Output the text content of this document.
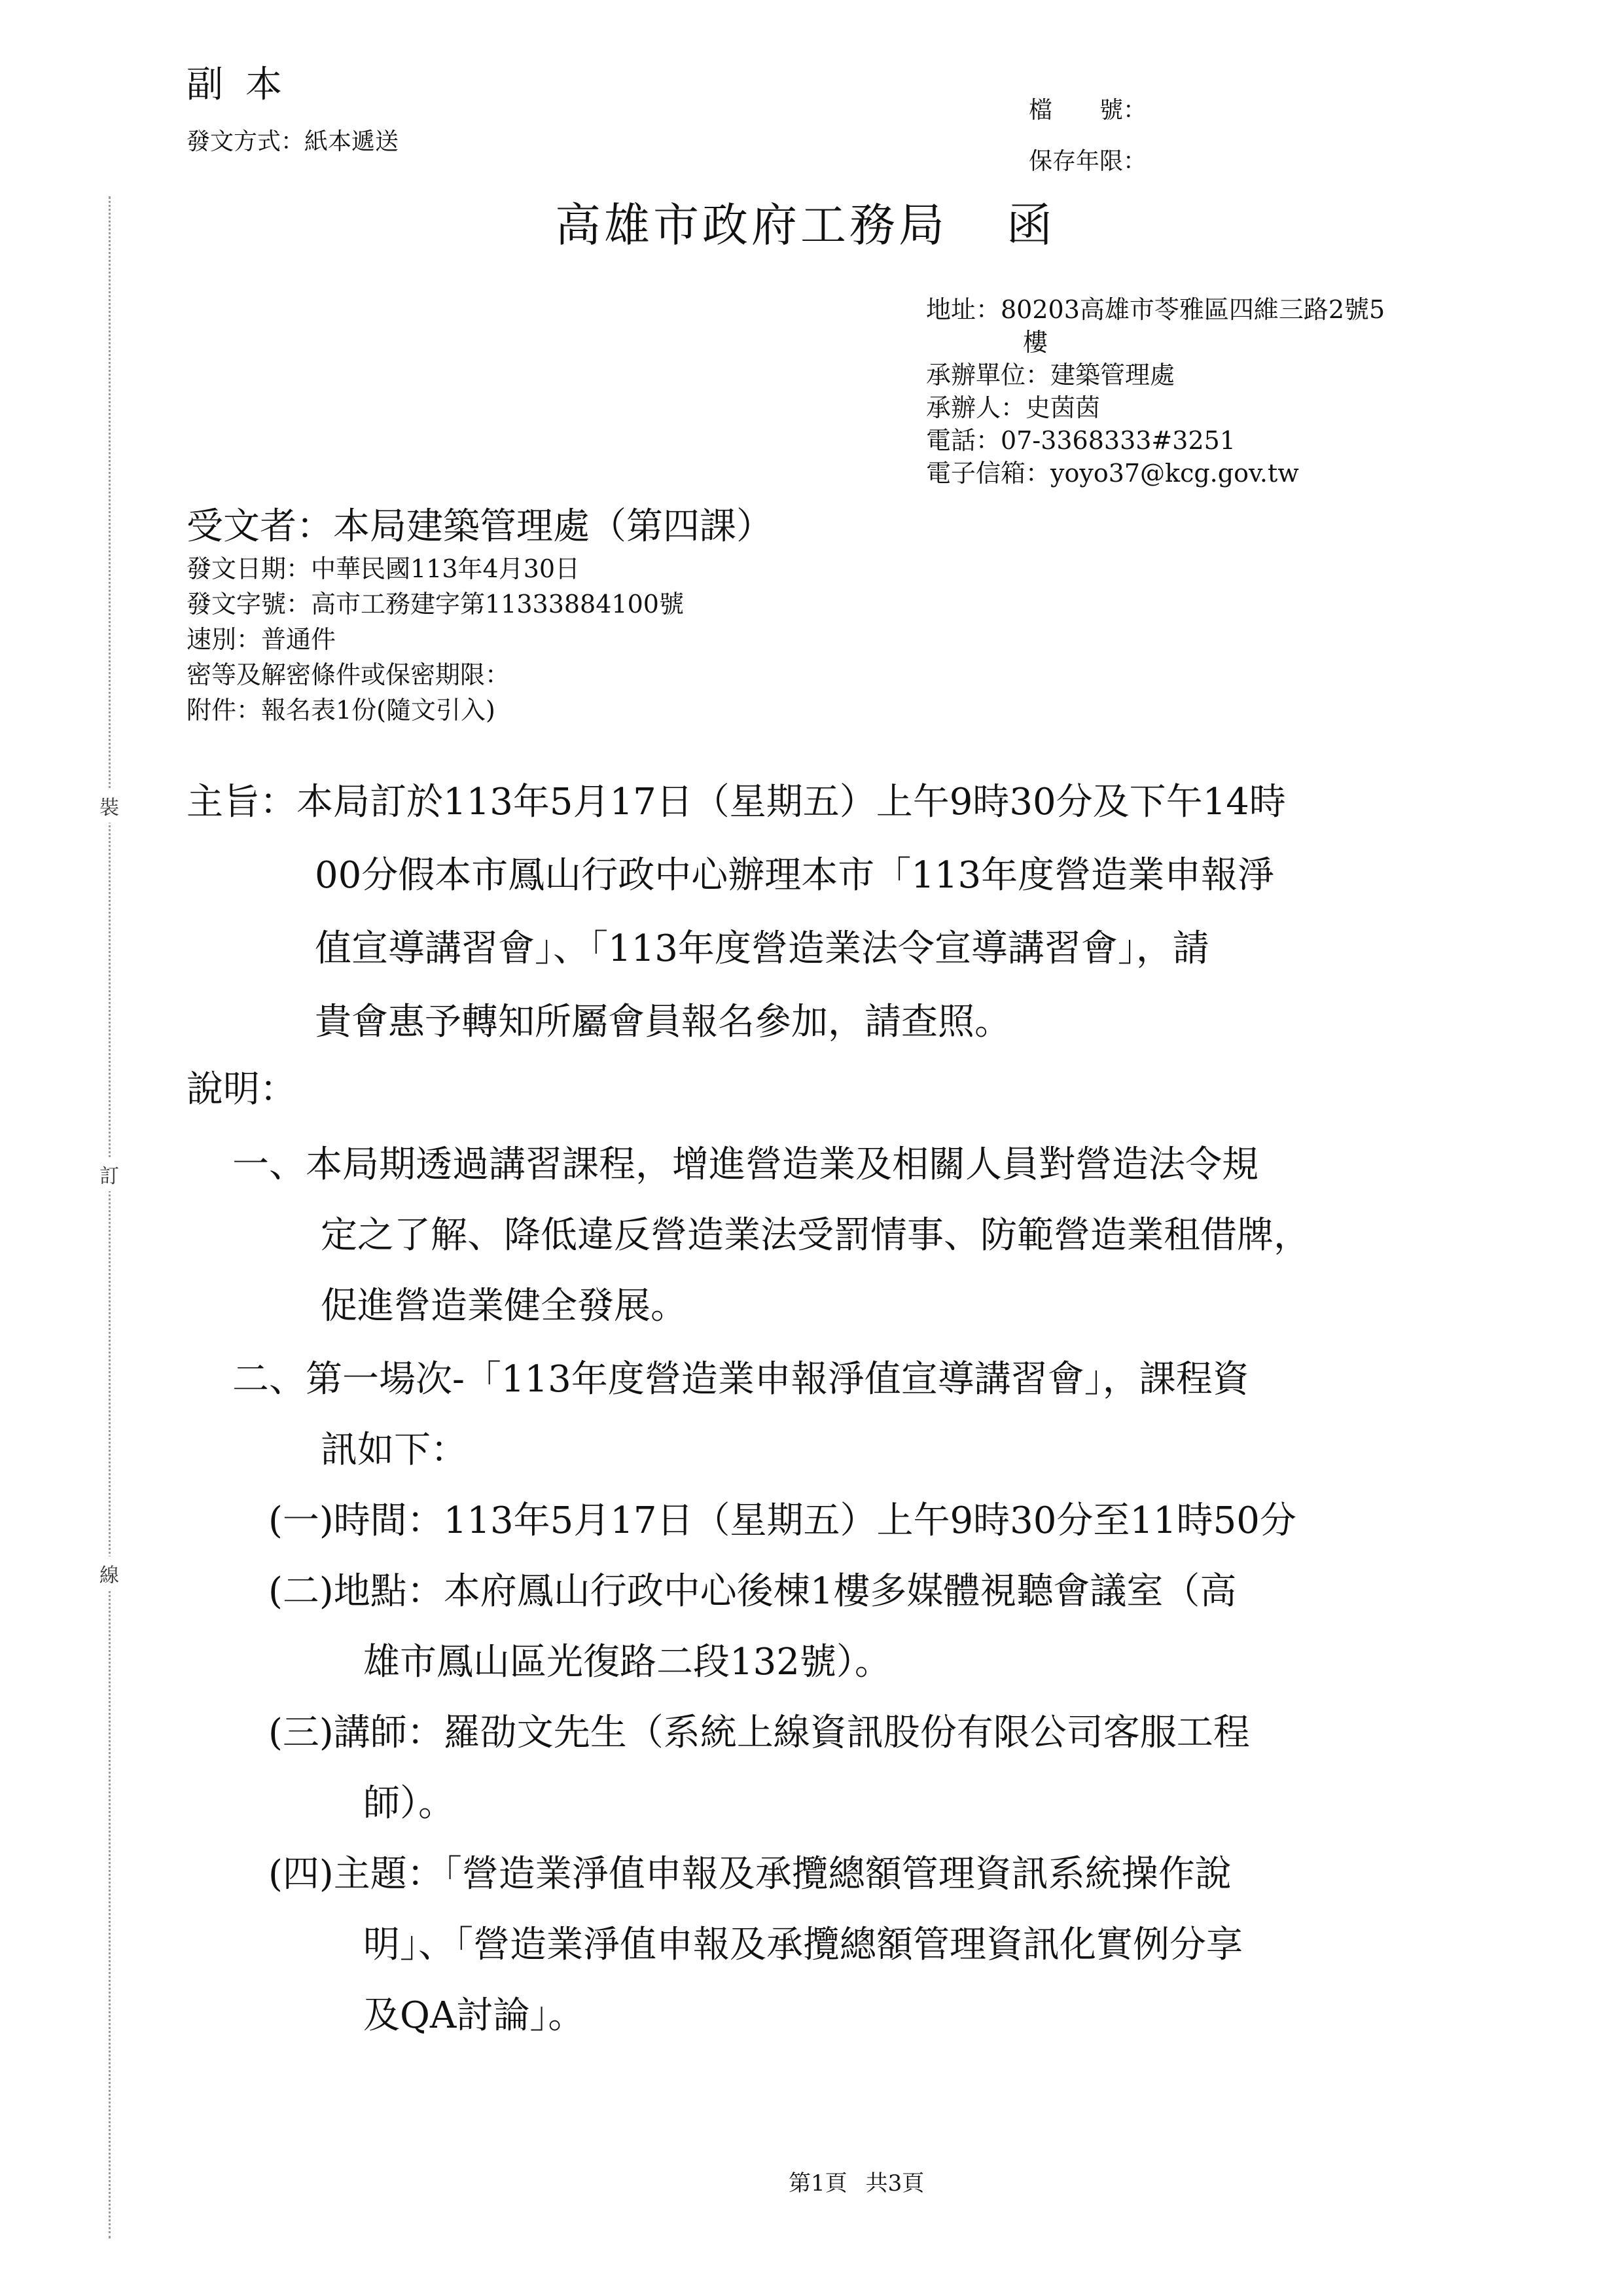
裝
訂
線
副本
發文方式：紙本遞送
檔　　號：
保存年限：
高雄市政府工務局 函
地址：80203高雄市苓雅區四維三路2號5
樓
承辦單位：建築管理處
承辦人：史茵茵
電話：07-3368333#3251
電子信箱：yoyo37@kcg.gov.tw
受文者：本局建築管理處（第四課）
發文日期：中華民國113年4月30日
發文字號：高市工務建字第11333884100號
速別：普通件
密等及解密條件或保密期限：
附件：報名表1份(隨文引入)
主旨：本局訂於113年5月17日（星期五）上午9時30分及下午14時
00分假本市鳳山行政中心辦理本市「113年度營造業申報淨
值宣導講習會」、「113年度營造業法令宣導講習會」，請
貴會惠予轉知所屬會員報名參加，請查照。
說明：
一、本局期透過講習課程，增進營造業及相關人員對營造法令規
定之了解、降低違反營造業法受罰情事、防範營造業租借牌，
促進營造業健全發展。
二、第一場次-「113年度營造業申報淨值宣導講習會」，課程資
訊如下：
(一)時間：113年5月17日（星期五）上午9時30分至11時50分
(二)地點：本府鳳山行政中心後棟1樓多媒體視聽會議室（高
雄市鳳山區光復路二段132號）。
(三)講師：羅劭文先生（系統上線資訊股份有限公司客服工程
師）。
(四)主題：「營造業淨值申報及承攬總額管理資訊系統操作說
明」、「營造業淨值申報及承攬總額管理資訊化實例分享
及QA討論」。
第1頁 共3頁
